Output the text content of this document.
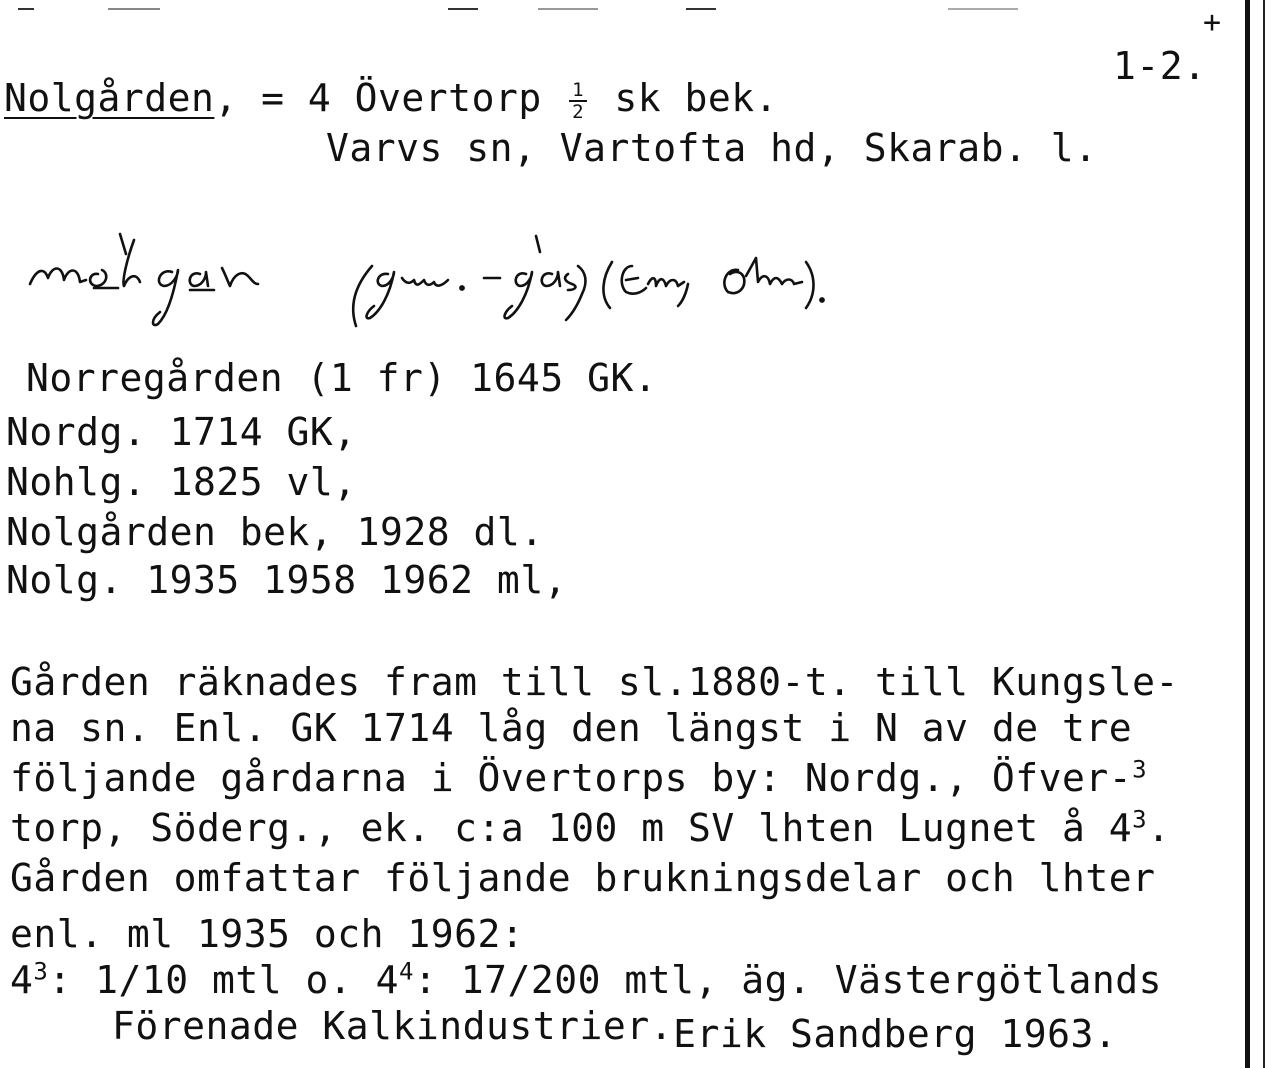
+
1-2.
Nolgården, = 4 Övertorp $\frac{1}{2}$ sk bek.
Varvs sn, Vartofta hd, Skarab. l.
Norregården (1 fr) 1645 GK.
Nordg. 1714 GK,
Nohlg. 1825 vl,
Nolgården bek, 1928 dl.
Nolg. 1935 1958 1962 ml,
Gården räknades fram till sl.1880-t. till Kungsle-
na sn. Enl. GK 1714 låg den längst i N av de tre
följande gårdarna i Övertorps by: Nordg., Öfver-$^3$
torp, Söderg., ek. c:a 100 m SV lhten Lugnet å $4^3$.
Gården omfattar följande brukningsdelar och lhter
enl. ml 1935 och 1962:
$4^3$: 1/10 mtl o. $4^4$: 17/200 mtl, äg. Västergötlands
Förenade Kalkindustrier.Erik Sandberg 1963.
